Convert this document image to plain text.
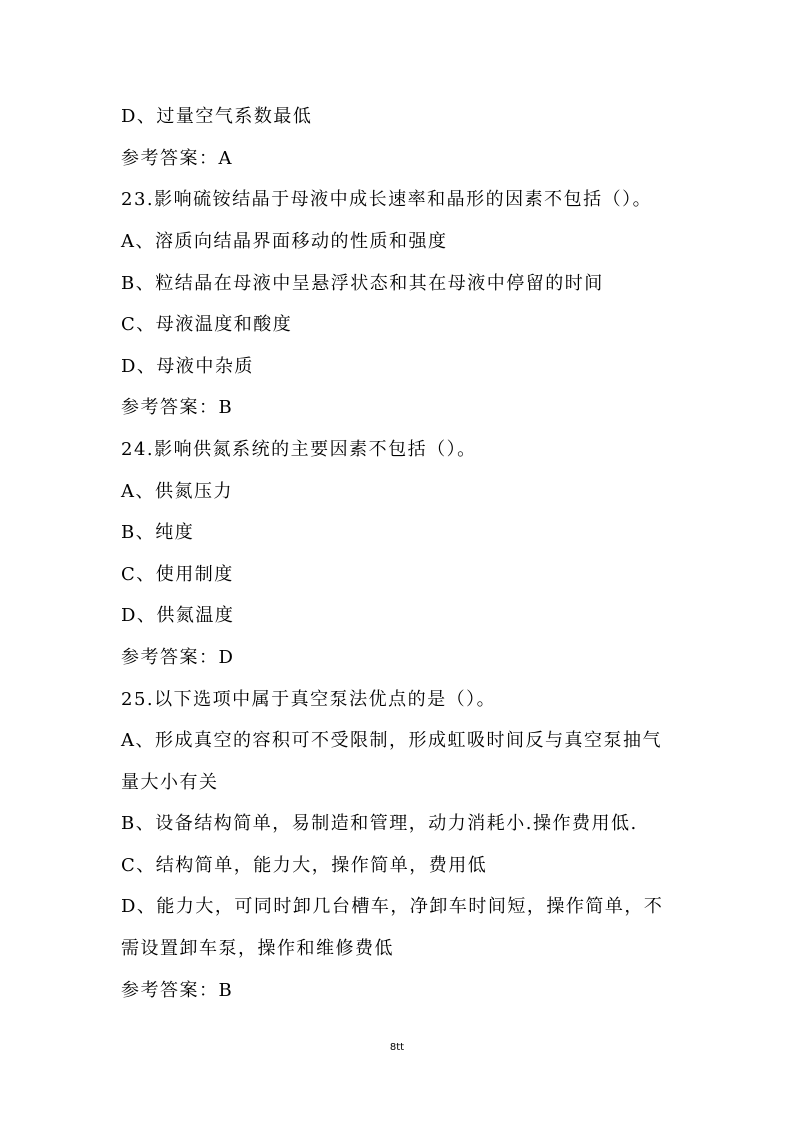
D、过量空气系数最低
参考答案：A
23.影响硫铵结晶于母液中成长速率和晶形的因素不包括（）。
A、溶质向结晶界面移动的性质和强度
B、粒结晶在母液中呈悬浮状态和其在母液中停留的时间
C、母液温度和酸度
D、母液中杂质
参考答案：B
24.影响供氮系统的主要因素不包括（）。
A、供氮压力
B、纯度
C、使用制度
D、供氮温度
参考答案：D
25.以下选项中属于真空泵法优点的是（）。
A、形成真空的容积可不受限制，形成虹吸时间反与真空泵抽气
量大小有关
B、设备结构简单，易制造和管理，动力消耗小.操作费用低.
C、结构简单，能力大，操作简单，费用低
D、能力大，可同时卸几台槽车，净卸车时间短，操作简单，不
需设置卸车泵，操作和维修费低
参考答案：B
8tt
